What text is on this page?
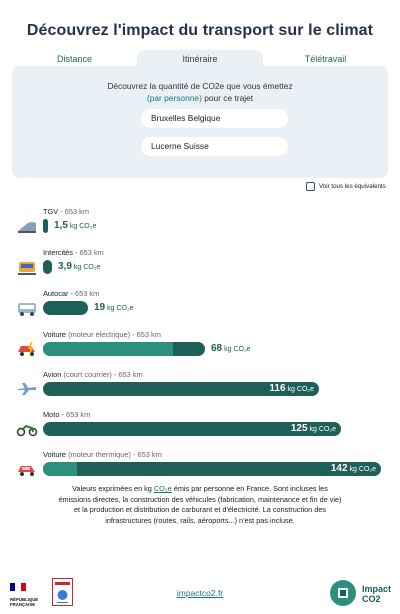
Découvrez l'impact du transport sur le climat
Distance	Itinéraire	Télétravail
Découvrez la quantité de CO2e que vous émettez
(par personne) pour ce trajet
Bruxelles Belgique
Lucerne Suisse
Voir tous les équivalents
TGV - 653 km
1,5 kg CO₂e
Intercités - 653 km
3,9 kg CO₂e
Autocar - 653 km
19 kg CO₂e
Voiture (moteur électrique) - 653 km
68 kg CO₂e
Avion (court courrier) - 653 km
116 kg CO₂e
Moto - 653 km
125 kg CO₂e
Voiture (moteur thermique) - 653 km
142 kg CO₂e
Valeurs exprimées en kg CO₂e émis par personne en France. Sont incluses les émissions directes, la construction des véhicules (fabrication, maintenance et fin de vie) et la production et distribution de carburant et d'électricité. La construction des infrastructures (routes, rails, aéroports...) n'est pas incluse.
RÉPUBLIQUE
FRANÇAISE
impactco2.fr	Impact
CO2
